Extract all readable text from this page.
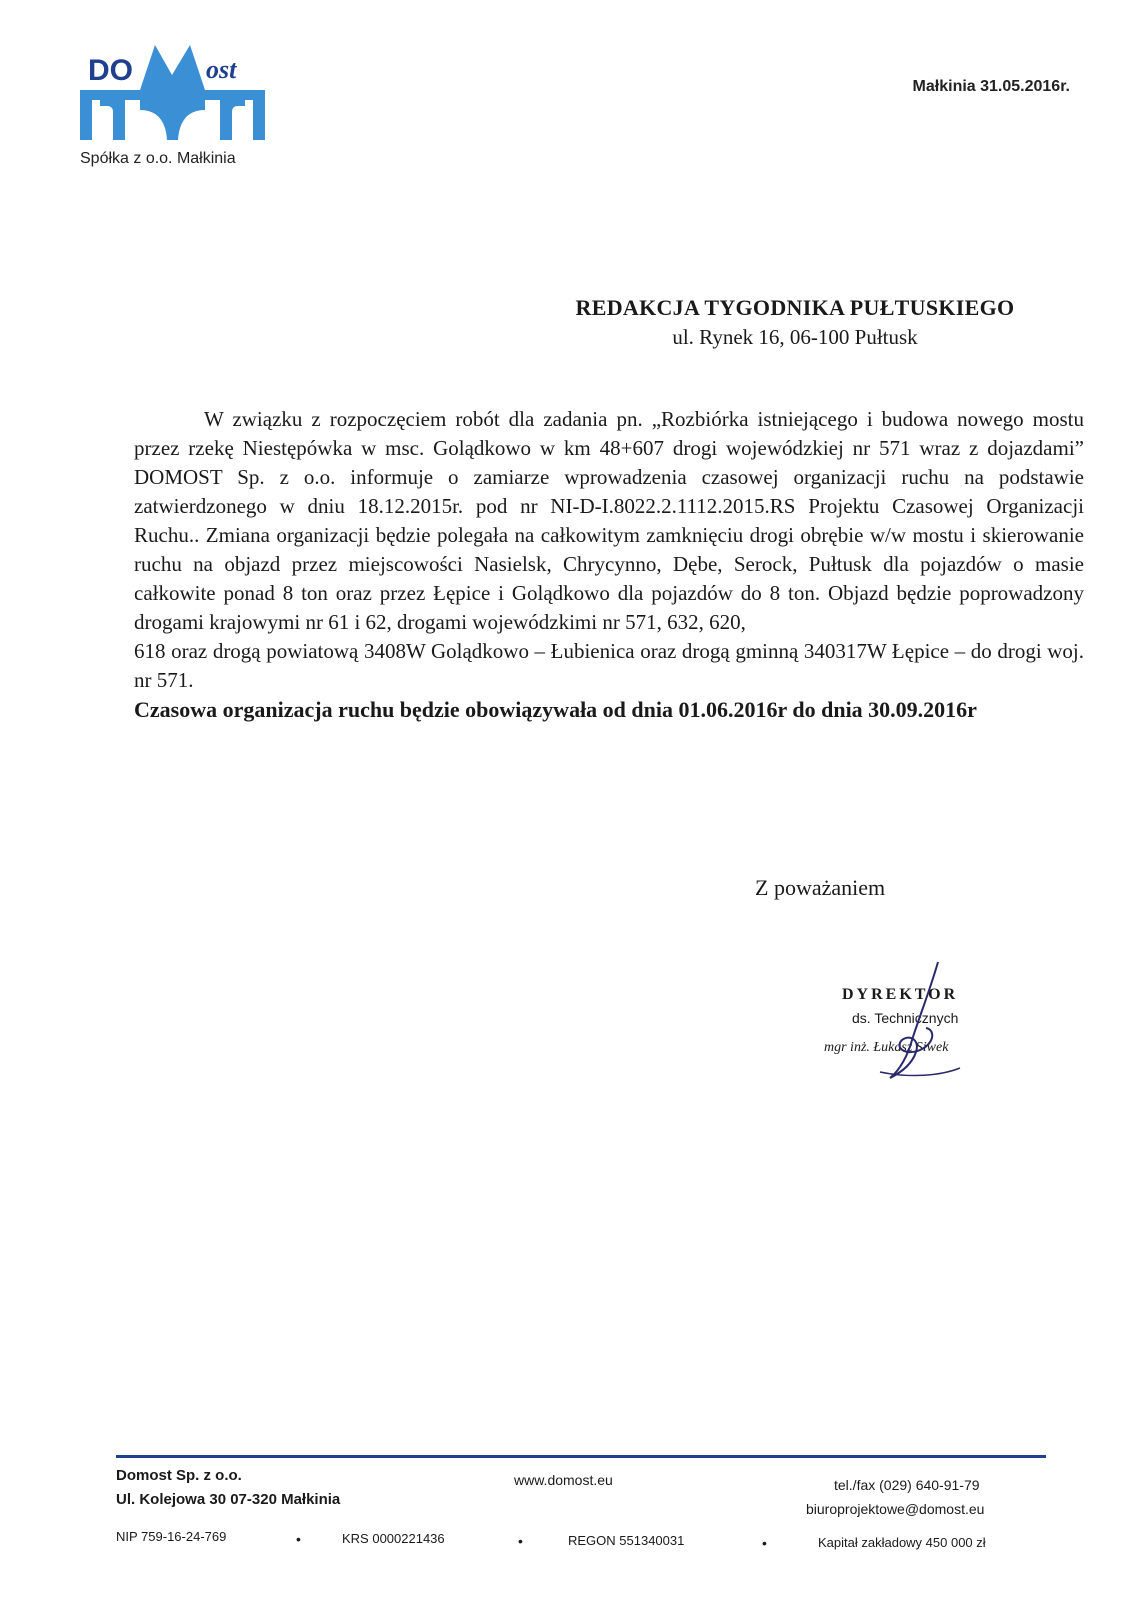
DO	ost
Spółka z o.o. Małkinia
Małkinia 31.05.2016r.
REDAKCJA TYGODNIKA PUŁTUSKIEGO
ul. Rynek 16, 06-100 Pułtusk

W związku z rozpoczęciem robót dla zadania pn. „Rozbiórka istniejącego i budowa nowego mostu przez rzekę Niestępówka w msc. Golądkowo w km 48+607 drogi wojewódzkiej nr 571 wraz z dojazdami” DOMOST Sp. z o.o. informuje o zamiarze wprowadzenia czasowej organizacji ruchu na podstawie zatwierdzonego w dniu 18.12.2015r. pod nr NI-D-I.8022.2.1112.2015.RS Projektu Czasowej Organizacji Ruchu.. Zmiana organizacji będzie polegała na całkowitym zamknięciu drogi obrębie w/w mostu i skierowanie ruchu na objazd przez miejscowości Nasielsk, Chrycynno, Dębe, Serock, Pułtusk dla pojazdów o masie całkowite ponad 8 ton oraz przez Łępice i Golądkowo dla pojazdów do 8 ton. Objazd będzie poprowadzony drogami krajowymi nr 61 i 62, drogami wojewódzkimi nr 571, 632, 620,

618 oraz drogą powiatową 3408W Golądkowo – Łubienica oraz drogą gminną 340317W Łępice – do drogi woj. nr 571.

Czasowa organizacja ruchu będzie obowiązywała od dnia 01.06.2016r do dnia 30.09.2016r

Z poważaniem
DYREKTOR
ds. Technicznych
mgr inż. Łukasz Siwek
Domost Sp. z o.o.
Ul. Kolejowa 30 07-320 Małkinia
www.domost.eu	tel./fax (029) 640-91-79
biuroprojektowe@domost.eu
NIP 759-16-24-769	•	KRS 0000221436	•	REGON 551340031	•	Kapitał zakładowy 450 000 zł
